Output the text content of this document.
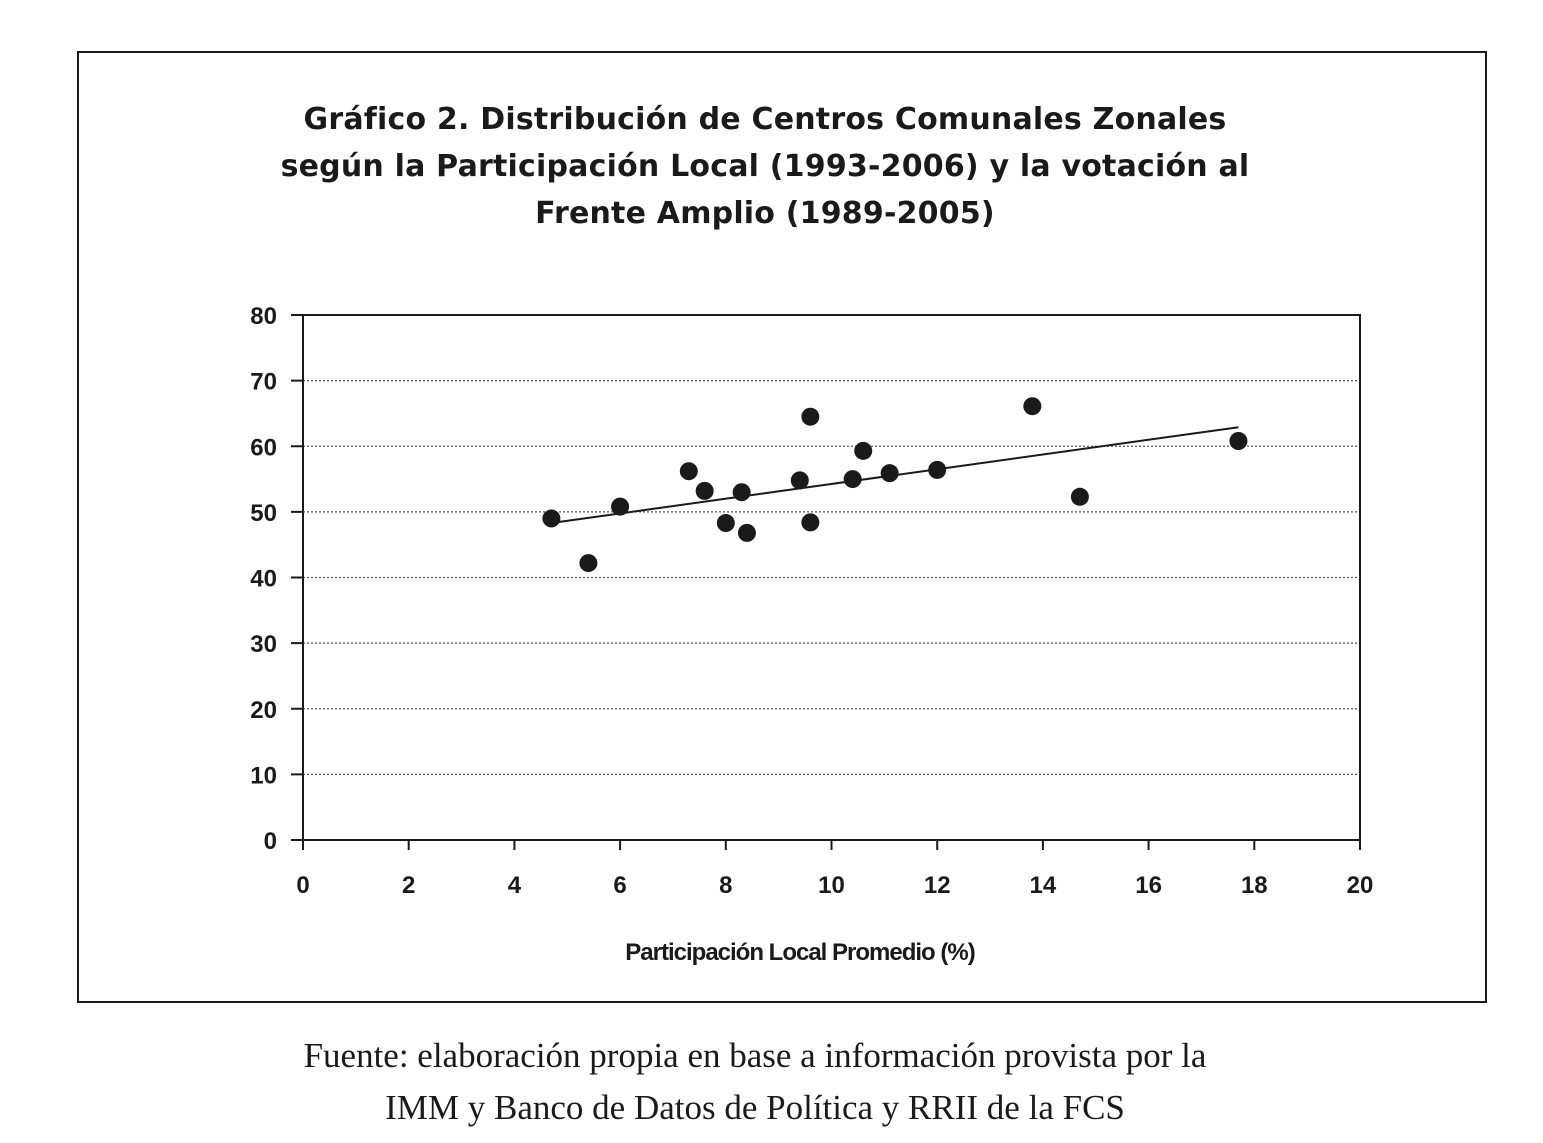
Gráfico 2. Distribución de Centros Comunales Zonales
según la Participación Local (1993-2006) y la votación al
Frente Amplio (1989-2005)
0
10
20
30
40
50
60
70
80
0	2	4	6	8	10	12	14	16	18	20
Participación Local Promedio (%)
Fuente: elaboración propia en base a información provista por la
IMM y Banco de Datos de Política y RRII de la FCS
